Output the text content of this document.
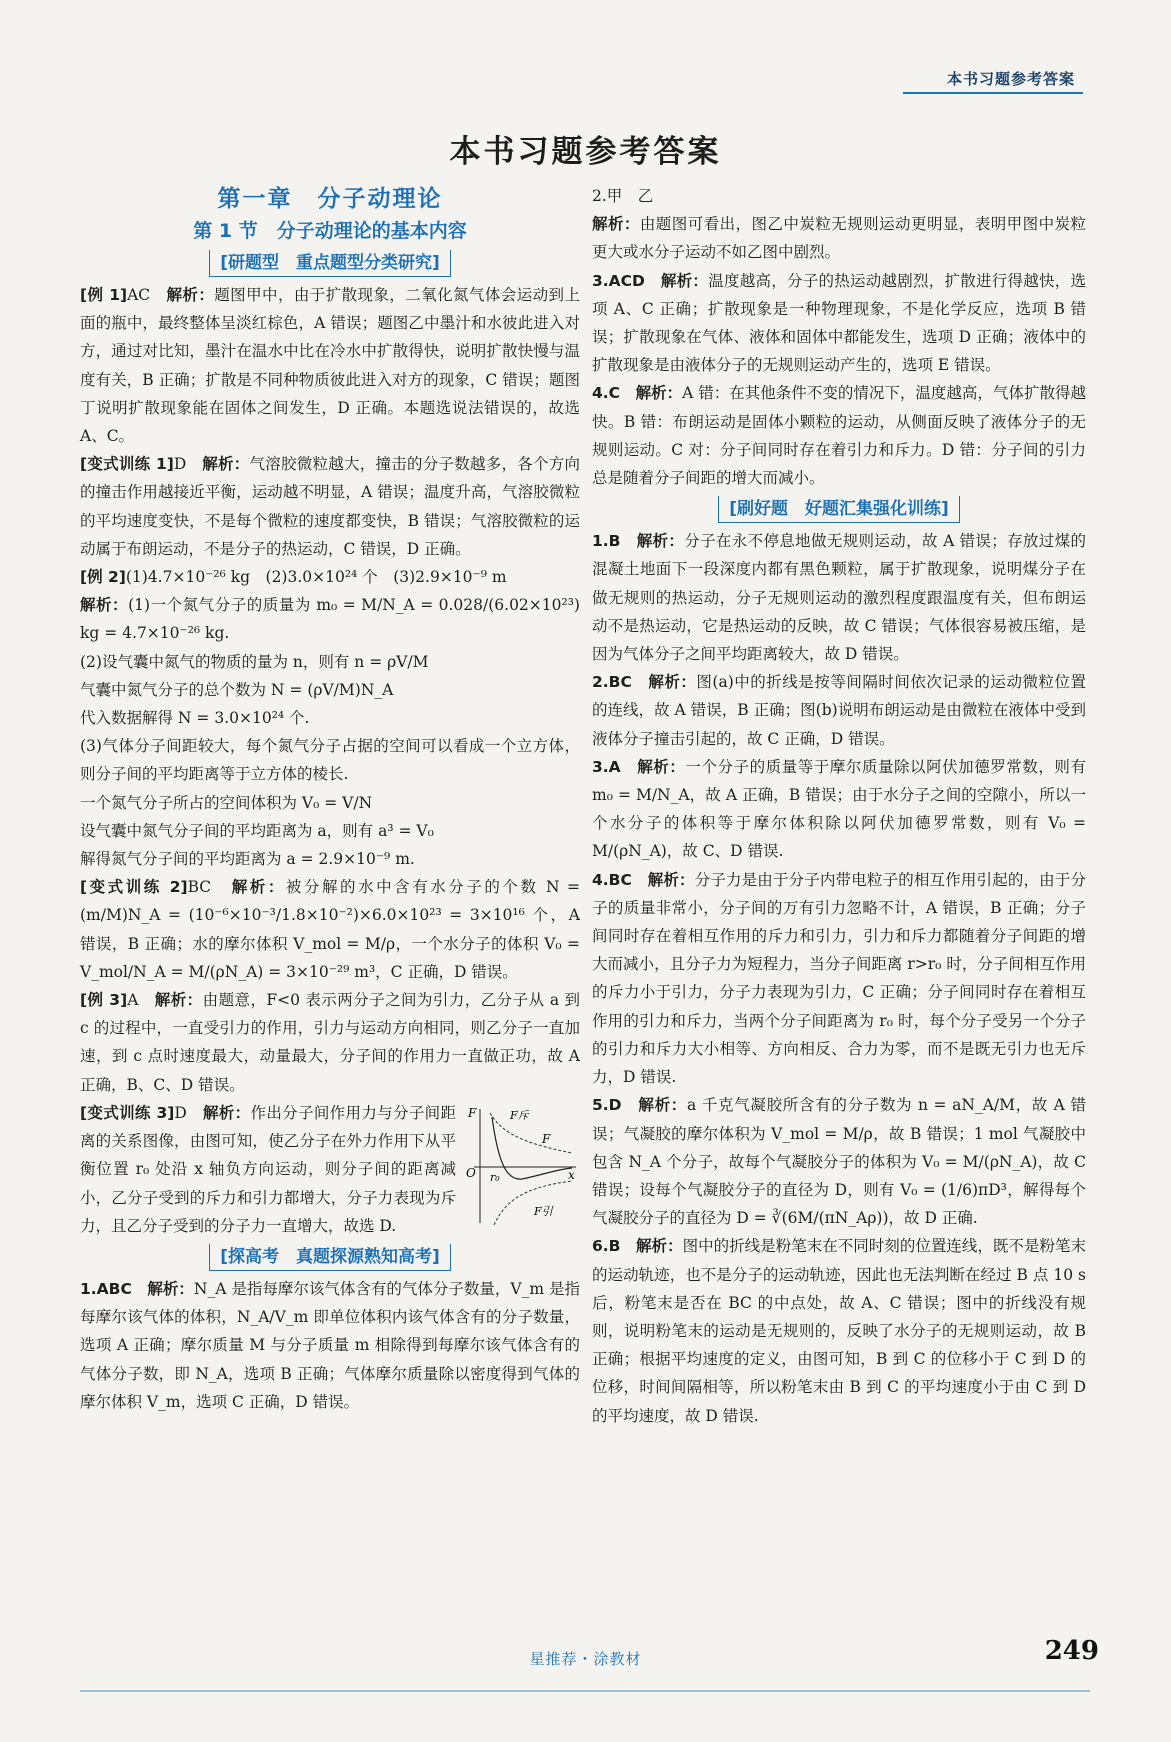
本书习题参考答案
本书习题参考答案
第一章　分子动理论
第 1 节　分子动理论的基本内容
[研题型　重点题型分类研究]

[例 1]AC　解析：题图甲中，由于扩散现象，二氧化氮气体会运动到上面的瓶中，最终整体呈淡红棕色，A 错误；题图乙中墨汁和水彼此进入对方，通过对比知，墨汁在温水中比在冷水中扩散得快，说明扩散快慢与温度有关，B 正确；扩散是不同种物质彼此进入对方的现象，C 错误；题图丁说明扩散现象能在固体之间发生，D 正确。本题选说法错误的，故选 A、C。

[变式训练 1]D　解析：气溶胶微粒越大，撞击的分子数越多，各个方向的撞击作用越接近平衡，运动越不明显，A 错误；温度升高，气溶胶微粒的平均速度变快，不是每个微粒的速度都变快，B 错误；气溶胶微粒的运动属于布朗运动，不是分子的热运动，C 错误，D 正确。

[例 2](1)4.7×10⁻²⁶ kg　(2)3.0×10²⁴ 个　(3)2.9×10⁻⁹ m

解析：(1)一个氮气分子的质量为 m₀ = M/N_A = 0.028/(6.02×10²³) kg = 4.7×10⁻²⁶ kg.

(2)设气囊中氮气的物质的量为 n，则有 n = ρV/M

气囊中氮气分子的总个数为 N = (ρV/M)N_A

代入数据解得 N = 3.0×10²⁴ 个.

(3)气体分子间距较大，每个氮气分子占据的空间可以看成一个立方体，则分子间的平均距离等于立方体的棱长.

一个氮气分子所占的空间体积为 V₀ = V/N

设气囊中氮气分子间的平均距离为 a，则有 a³ = V₀

解得氮气分子间的平均距离为 a = 2.9×10⁻⁹ m.

[变式训练 2]BC　解析：被分解的水中含有水分子的个数 N = (m/M)N_A = (10⁻⁶×10⁻³/1.8×10⁻²)×6.0×10²³ = 3×10¹⁶ 个，A 错误，B 正确；水的摩尔体积 V_mol = M/ρ，一个水分子的体积 V₀ = V_mol/N_A = M/(ρN_A) = 3×10⁻²⁹ m³，C 正确，D 错误。

[例 3]A　解析：由题意，F<0 表示两分子之间为引力，乙分子从 a 到 c 的过程中，一直受引力的作用，引力与运动方向相同，则乙分子一直加速，到 c 点时速度最大，动量最大，分子间的作用力一直做正功，故 A 正确，B、C、D 错误。

F	F斥
F
O r₀	x
F引

[变式训练 3]D　解析：作出分子间作用力与分子间距离的关系图像，由图可知，使乙分子在外力作用下从平衡位置 r₀ 处沿 x 轴负方向运动，则分子间的距离减小，乙分子受到的斥力和引力都增大，分子力表现为斥力，且乙分子受到的分子力一直增大，故选 D.

[探高考　真题探源熟知高考]

1.ABC　解析：N_A 是指每摩尔该气体含有的气体分子数量，V_m 是指每摩尔该气体的体积，N_A/V_m 即单位体积内该气体含有的分子数量，选项 A 正确；摩尔质量 M 与分子质量 m 相除得到每摩尔该气体含有的气体分子数，即 N_A，选项 B 正确；气体摩尔质量除以密度得到气体的摩尔体积 V_m，选项 C 正确，D 错误。

2.甲　乙

解析：由题图可看出，图乙中炭粒无规则运动更明显，表明甲图中炭粒更大或水分子运动不如乙图中剧烈。

3.ACD　解析：温度越高，分子的热运动越剧烈，扩散进行得越快，选项 A、C 正确；扩散现象是一种物理现象，不是化学反应，选项 B 错误；扩散现象在气体、液体和固体中都能发生，选项 D 正确；液体中的扩散现象是由液体分子的无规则运动产生的，选项 E 错误。

4.C　解析：A 错：在其他条件不变的情况下，温度越高，气体扩散得越快。B 错：布朗运动是固体小颗粒的运动，从侧面反映了液体分子的无规则运动。C 对：分子间同时存在着引力和斥力。D 错：分子间的引力总是随着分子间距的增大而减小。

[刷好题　好题汇集强化训练]

1.B　解析：分子在永不停息地做无规则运动，故 A 错误；存放过煤的混凝土地面下一段深度内都有黑色颗粒，属于扩散现象，说明煤分子在做无规则的热运动，分子无规则运动的激烈程度跟温度有关，但布朗运动不是热运动，它是热运动的反映，故 C 错误；气体很容易被压缩，是因为气体分子之间平均距离较大，故 D 错误。

2.BC　解析：图(a)中的折线是按等间隔时间依次记录的运动微粒位置的连线，故 A 错误，B 正确；图(b)说明布朗运动是由微粒在液体中受到液体分子撞击引起的，故 C 正确，D 错误。

3.A　解析：一个分子的质量等于摩尔质量除以阿伏加德罗常数，则有 m₀ = M/N_A，故 A 正确，B 错误；由于水分子之间的空隙小，所以一个水分子的体积等于摩尔体积除以阿伏加德罗常数，则有 V₀ = M/(ρN_A)，故 C、D 错误.

4.BC　解析：分子力是由于分子内带电粒子的相互作用引起的，由于分子的质量非常小，分子间的万有引力忽略不计，A 错误，B 正确；分子间同时存在着相互作用的斥力和引力，引力和斥力都随着分子间距的增大而减小，且分子力为短程力，当分子间距离 r>r₀ 时，分子间相互作用的斥力小于引力，分子力表现为引力，C 正确；分子间同时存在着相互作用的引力和斥力，当两个分子间距离为 r₀ 时，每个分子受另一个分子的引力和斥力大小相等、方向相反、合力为零，而不是既无引力也无斥力，D 错误.

5.D　解析：a 千克气凝胶所含有的分子数为 n = aN_A/M，故 A 错误；气凝胶的摩尔体积为 V_mol = M/ρ，故 B 错误；1 mol 气凝胶中包含 N_A 个分子，故每个气凝胶分子的体积为 V₀ = M/(ρN_A)，故 C 错误；设每个气凝胶分子的直径为 D，则有 V₀ = (1/6)πD³，解得每个气凝胶分子的直径为 D = ∛(6M/(πN_Aρ))，故 D 正确.

6.B　解析：图中的折线是粉笔末在不同时刻的位置连线，既不是粉笔末的运动轨迹，也不是分子的运动轨迹，因此也无法判断在经过 B 点 10 s 后，粉笔末是否在 BC 的中点处，故 A、C 错误；图中的折线没有规则，说明粉笔末的运动是无规则的，反映了水分子的无规则运动，故 B 正确；根据平均速度的定义，由图可知，B 到 C 的位移小于 C 到 D 的位移，时间间隔相等，所以粉笔末由 B 到 C 的平均速度小于由 C 到 D 的平均速度，故 D 错误.

星推荐・涂教材	249
